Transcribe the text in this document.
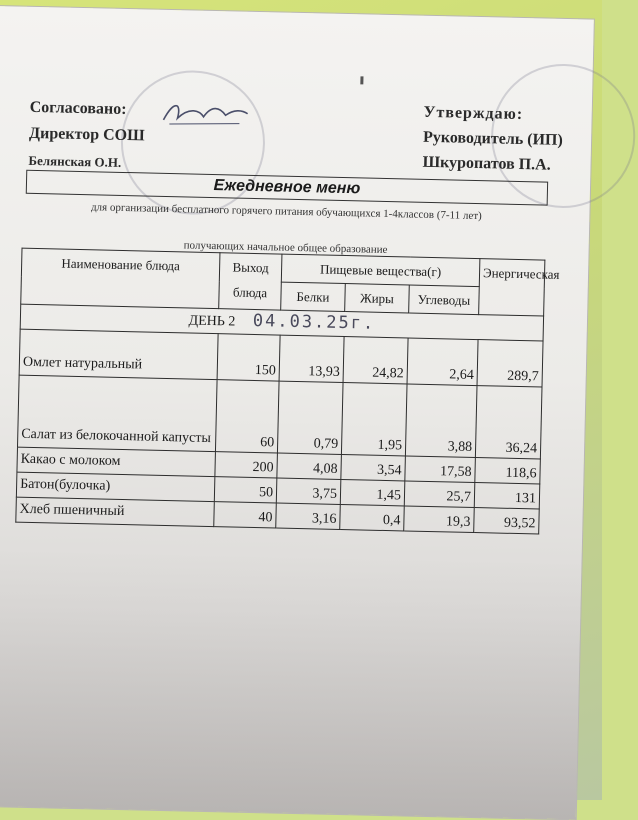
Согласовано:
Директор СОШ
Белянская О.Н.
Утверждаю:
Руководитель (ИП)
Шкуропатов П.А.
Ежедневное меню
для организации бесплатного горячего питания обучающихся 1-4классов (7-11 лет)
получающих начальное общее образование
Наименование блюда	Выход блюда	Пищевые вещества(г)			Энергическая
		Белки	Жиры	Углеводы	
ДЕНЬ 2 04.03.25г.					
Омлет натуральный	150	13,93	24,82	2,64	289,7
Салат из белокочанной капусты	60	0,79	1,95	3,88	36,24
Какао с молоком	200	4,08	3,54	17,58	118,6
Батон(булочка)	50	3,75	1,45	25,7	131
Хлеб пшеничный	40	3,16	0,4	19,3	93,52
